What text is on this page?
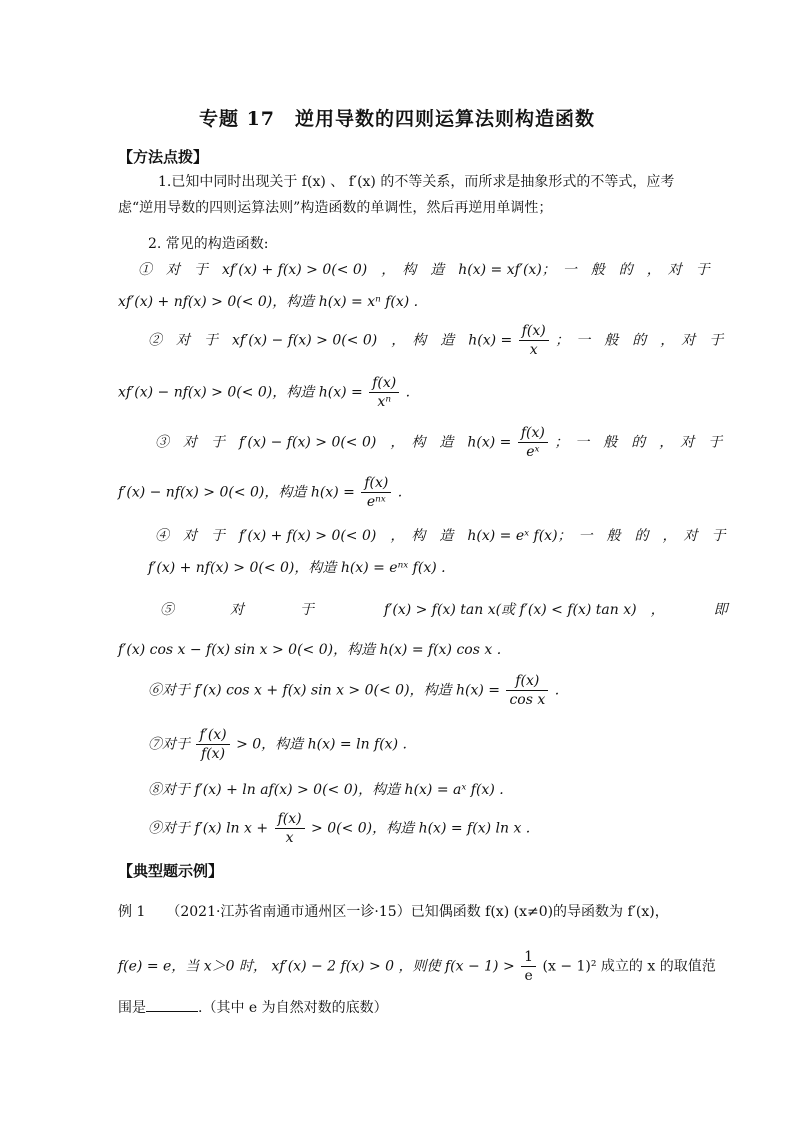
专题 17　逆用导数的四则运算法则构造函数
【方法点拨】
1.已知中同时出现关于 f(x) 、 f′(x) 的不等关系，而所求是抽象形式的不等式，应考
虑“逆用导数的四则运算法则”构造函数的单调性，然后再逆用单调性；
2. 常见的构造函数:
①　对　于　xf′(x) + f(x) > 0(< 0)　，　构　造　h(x) = xf′(x)；　一　般　的　，　对　于
xf′(x) + nf(x) > 0(< 0)，构造 h(x) = xⁿ f(x) .
②　对　于　xf′(x) − f(x) > 0(< 0)　，　构　造　$h(x) = \frac{f(x)}{x}$ ；　一　般　的　，　对　于
xf′(x) − nf(x) > 0(< 0)，构造 $h(x) = \frac{f(x)}{\text{xⁿ}}$ .
③　对　于　f′(x) − f(x) > 0(< 0)　，　构　造　$h(x) = \frac{f(x)}{\text{eˣ}}$ ；　一　般　的　，　对　于
f′(x) − nf(x) > 0(< 0)，构造 $h(x) = \frac{f(x)}{\text{eⁿˣ}}$ .
④　对　于　f′(x) + f(x) > 0(< 0)　，　构　造　h(x) = eˣ f(x)；　一　般　的　，　对　于
f′(x) + nf(x) > 0(< 0)，构造 h(x) = eⁿˣ f(x) .
⑤　　　　对　　　　于　　　　　f′(x) > f(x) tan x(或 f′(x) < f(x) tan x)　，　　　　即
f′(x) cos x − f(x) sin x > 0(< 0)，构造 h(x) = f(x) cos x .
⑥对于 f′(x) cos x + f(x) sin x > 0(< 0)，构造 $h(x) = \frac{f(x)}{\text{cos x}}$ .
⑦对于 $\frac{f'(x)}{f(x)} > 0$，构造 h(x) = ln f(x) .
⑧对于 f′(x) + ln af(x) > 0(< 0)，构造 h(x) = aˣ f(x) .
⑨对于 f′(x) $\ln x + \frac{f(x)}{x} > 0(< 0)$，构造 h(x) = f(x) ln x .
【典型题示例】
例 1　　（2021·江苏省南通市通州区一诊·15）已知偶函数 f(x) (x≠0)的导函数为 f′(x)，
f(e) = e，当 x＞0 时， xf′(x) − 2 f(x) > 0 ，则使 $f(x - 1) > \frac{1}{e} (x - 1)^2$ 成立的 x 的取值范
围是	.（其中 e 为自然对数的底数）
